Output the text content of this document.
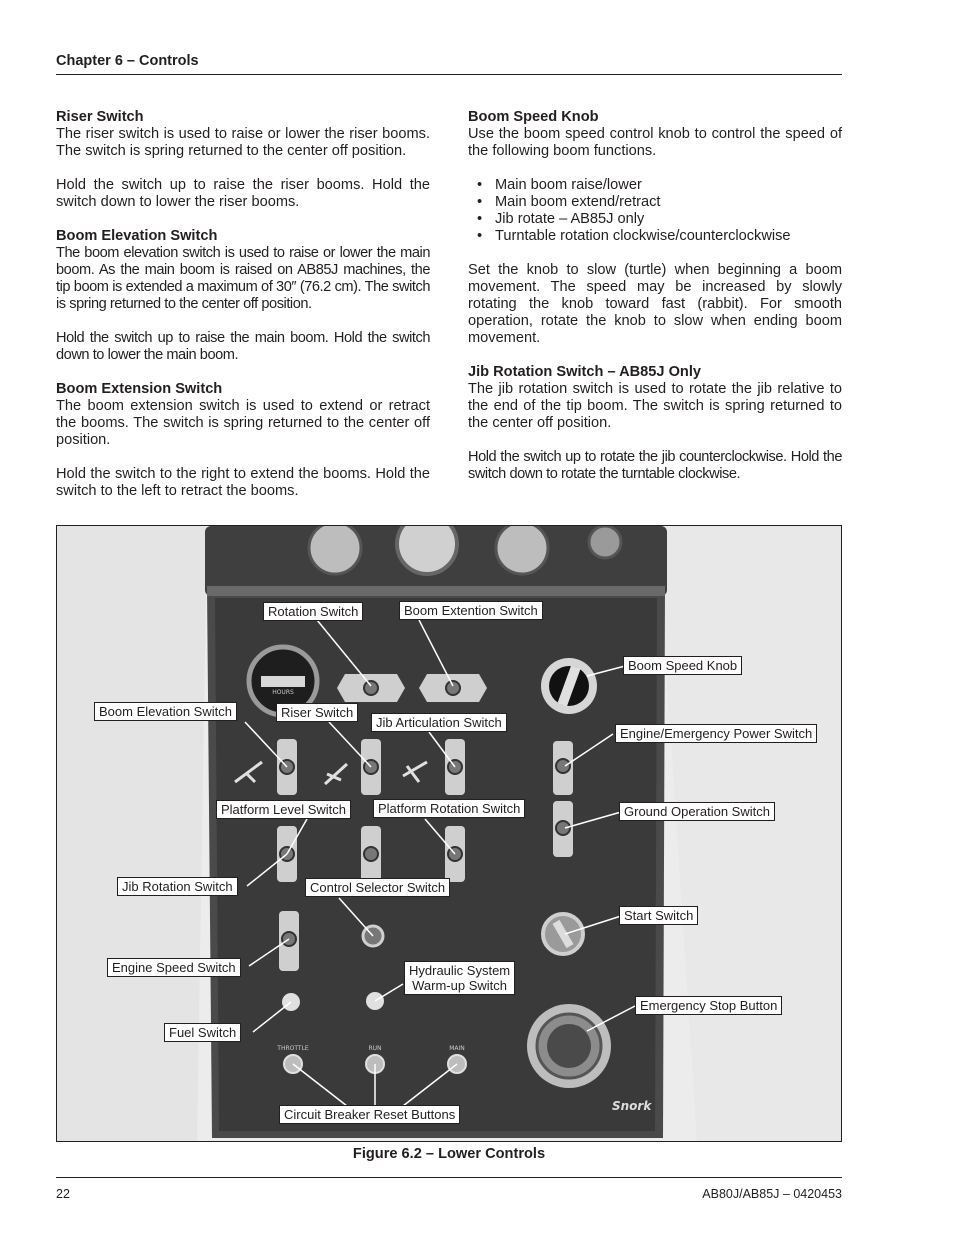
Chapter 6 – Controls
Riser Switch

The riser switch is used to raise or lower the riser booms. The switch is spring returned to the center off position.

Hold the switch up to raise the riser booms. Hold the switch down to lower the riser booms.

Boom Elevation Switch

The boom elevation switch is used to raise or lower the main boom. As the main boom is raised on AB85J machines, the tip boom is extended a maximum of 30″ (76.2 cm). The switch is spring returned to the center off position.

Hold the switch up to raise the main boom. Hold the switch down to lower the main boom.

Boom Extension Switch

The boom extension switch is used to extend or retract the booms. The switch is spring returned to the center off position.

Hold the switch to the right to extend the booms. Hold the switch to the left to retract the booms.

Boom Speed Knob

Use the boom speed control knob to control the speed of the following boom functions.

• Main boom raise/lower
• Main boom extend/retract
• Jib rotate – AB85J only
• Turntable rotation clockwise/counterclockwise

Set the knob to slow (turtle) when beginning a boom movement. The speed may be increased by slowly rotating the knob toward fast (rabbit). For smooth operation, rotate the knob to slow when ending boom movement.

Jib Rotation Switch – AB85J Only

The jib rotation switch is used to rotate the jib relative to the end of the tip boom. The switch is spring returned to the center off position.

Hold the switch up to rotate the jib counterclockwise. Hold the switch down to rotate the turntable clockwise.

HOURS
THROTTLE	RUN	MAIN
Snork
Rotation Switch	Boom Extention Switch
Boom Speed Knob
Boom Elevation Switch	Riser Switch
Jib Articulation Switch
Engine/Emergency Power Switch
Platform Level Switch	Platform Rotation Switch	Ground Operation Switch
Jib Rotation Switch	Control Selector Switch
Start Switch
Engine Speed Switch	Hydraulic System
Warm-up Switch
Emergency Stop Button
Fuel Switch
Circuit Breaker Reset Buttons
Figure 6.2 – Lower Controls
22	AB80J/AB85J – 0420453
